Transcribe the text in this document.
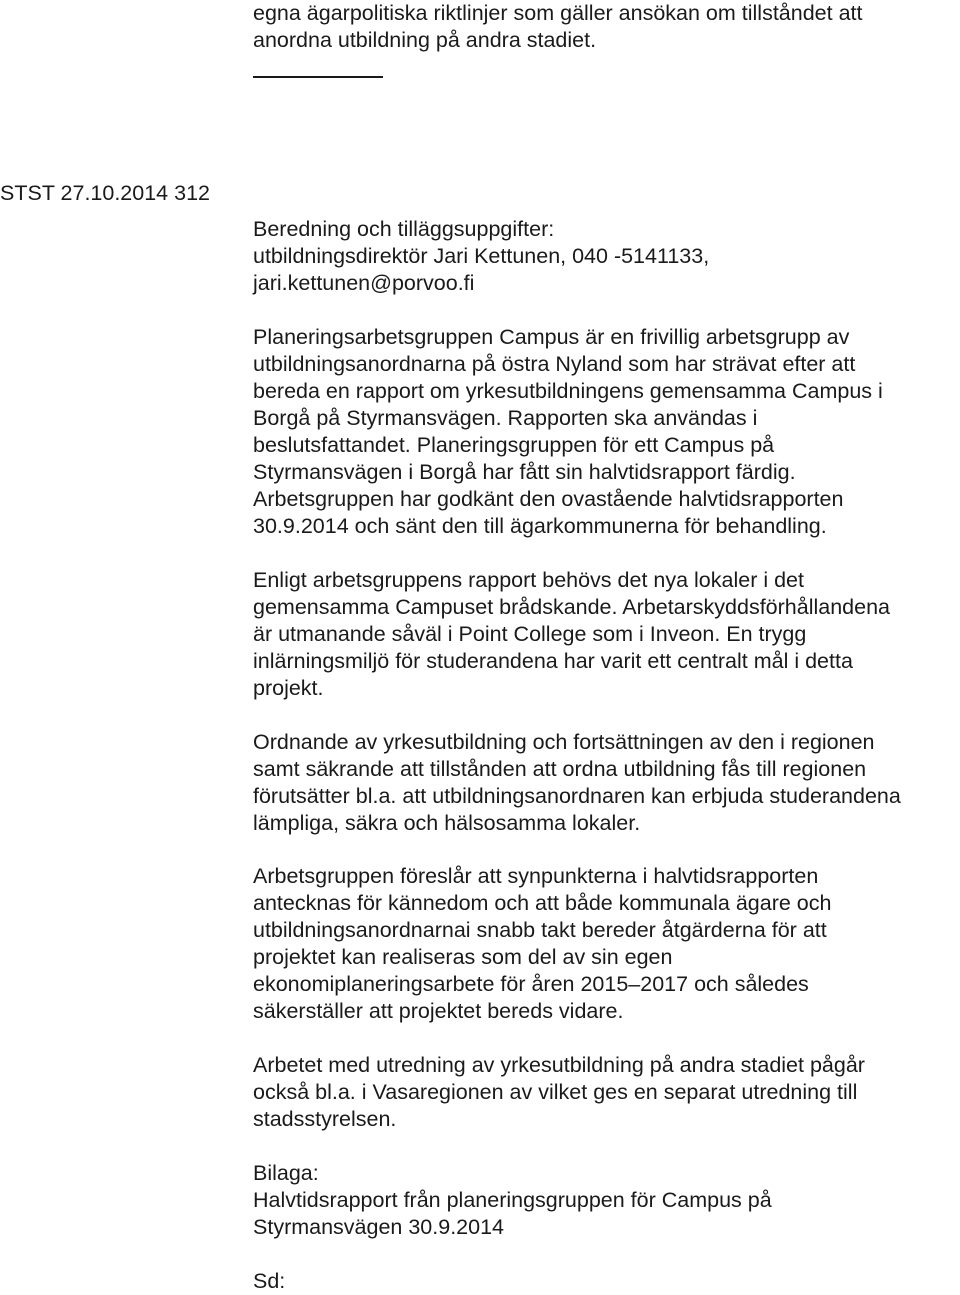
egna ägarpolitiska riktlinjer som gäller ansökan om tillståndet att
anordna utbildning på andra stadiet.
STST 27.10.2014 312
Beredning och tilläggsuppgifter:
utbildningsdirektör Jari Kettunen, 040 -5141133,
jari.kettunen@porvoo.fi
Planeringsarbetsgruppen Campus är en frivillig arbetsgrupp av
utbildningsanordnarna på östra Nyland som har strävat efter att
bereda en rapport om yrkesutbildningens gemensamma Campus i
Borgå på Styrmansvägen. Rapporten ska användas i
beslutsfattandet. Planeringsgruppen för ett Campus på
Styrmansvägen i Borgå har fått sin halvtidsrapport färdig.
Arbetsgruppen har godkänt den ovastående halvtidsrapporten
30.9.2014 och sänt den till ägarkommunerna för behandling.
Enligt arbetsgruppens rapport behövs det nya lokaler i det
gemensamma Campuset brådskande. Arbetarskyddsförhållandena
är utmanande såväl i Point College som i Inveon. En trygg
inlärningsmiljö för studerandena har varit ett centralt mål i detta
projekt.
Ordnande av yrkesutbildning och fortsättningen av den i regionen
samt säkrande att tillstånden att ordna utbildning fås till regionen
förutsätter bl.a. att utbildningsanordnaren kan erbjuda studerandena
lämpliga, säkra och hälsosamma lokaler.
Arbetsgruppen föreslår att synpunkterna i halvtidsrapporten
antecknas för kännedom och att både kommunala ägare och
utbildningsanordnarnai snabb takt bereder åtgärderna för att
projektet kan realiseras som del av sin egen
ekonomiplaneringsarbete för åren 2015–2017 och således
säkerställer att projektet bereds vidare.
Arbetet med utredning av yrkesutbildning på andra stadiet pågår
också bl.a. i Vasaregionen av vilket ges en separat utredning till
stadsstyrelsen.
Bilaga:
Halvtidsrapport från planeringsgruppen för Campus på
Styrmansvägen 30.9.2014
Sd:
